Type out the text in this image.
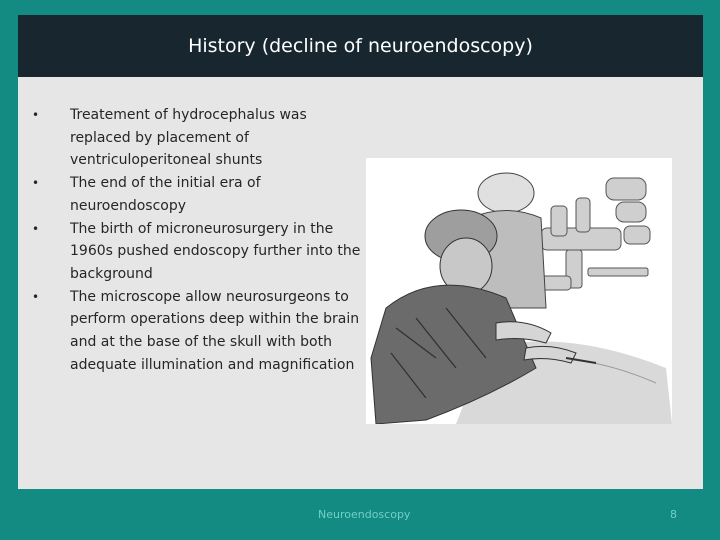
History (decline of neuroendoscopy)
• Treatement of hydrocephalus was replaced by placement of ventriculoperitoneal shunts
• The end of the initial era of neuroendoscopy
• The birth of microneurosurgery in the 1960s pushed endoscopy further into the background
• The microscope allow neurosurgeons to perform operations deep within the brain and at the base of the skull with both adequate illumination and magnification
Neuroendoscopy	8
